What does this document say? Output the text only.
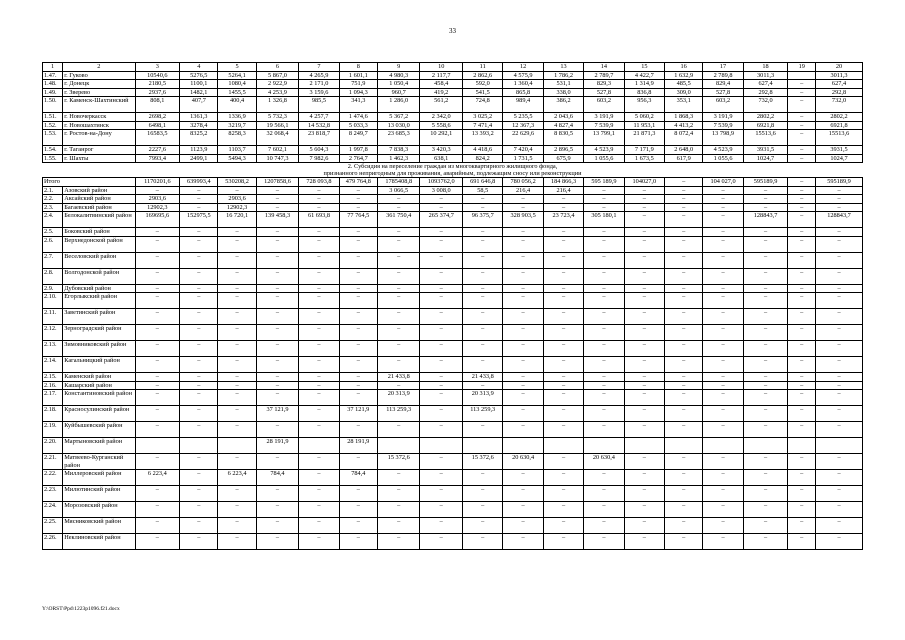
33
1	2	3	4	5	6	7	8	9	10	11	12	13	14	15	16	17	18	19	20
1.47.	г. Гуково	10540,6	5276,5	5264,1	5 867,0	4 265,9	1 601,1	4 980,3	2 117,7	2 862,6	4 575,9	1 786,2	2 789,7	4 422,7	1 632,9	2 789,8	3011,3		3011,3
1.48.	г. Донецк	2180,5	1100,1	1080,4	2 922,9	2 171,0	751,9	1 050,4	458,4	592,0	1 360,4	531,1	829,3	1 314,9	485,5	829,4	627,4	–	627,4
1.49.	г. Зверево	2937,6	1482,1	1455,5	4 253,9	3 159,6	1 094,3	960,7	419,2	541,5	865,8	338,0	527,8	836,8	309,0	527,8	292,8	–	292,8
1.50.	г. Каменск-Шахтинский	808,1	407,7	400,4	1 326,8	985,5	341,3	1 286,0	561,2	724,8	989,4	386,2	603,2	956,3	353,1	603,2	732,0	–	732,0
1.51.	г. Новочеркасск	2698,2	1361,3	1336,9	5 732,3	4 257,7	1 474,6	5 367,2	2 342,0	3 025,2	5 235,5	2 043,6	3 191,9	5 060,2	1 868,3	3 191,9	2802,2	–	2802,2
1.52.	г. Новошахтинск	6498,1	3278,4	3219,7	19 566,1	14 532,8	5 033,3	13 030,0	5 558,6	7 471,4	12 367,3	4 827,4	7 539,9	11 953,1	4 413,2	7 539,9	6921,8	–	6921,8
1.53.	г. Ростов-на-Дону	16583,5	8325,2	8258,3	32 068,4	23 818,7	8 249,7	23 685,3	10 292,1	13 393,2	22 629,6	8 830,5	13 799,1	21 871,3	8 072,4	13 798,9	15513,6	–	15513,6
1.54.	г. Таганрог	2227,6	1123,9	1103,7	7 602,1	5 604,3	1 997,8	7 838,3	3 420,3	4 418,6	7 420,4	2 896,5	4 523,9	7 171,9	2 648,0	4 523,9	3931,5	–	3931,5
1.55.	г. Шахты	7993,4	2499,1	5494,3	10 747,3	7 982,6	2 764,7	1 462,3	638,1	824,2	1 731,5	675,9	1 055,6	1 673,5	617,9	1 055,6	1024,7	–	1024,7

2. Субсидия на переселение граждан из многоквартирного жилищного фонда,
признанного непригодным для проживания, аварийным, подлежащим сносу или реконструкции																			

Итого		1170201,6	639993,4	530208,2	1207858,6	728 093,8	479 764,8	1785408,8	1093762,0	691 646,8	780 056,2	184 866,3	595 189,9	104027,0	–	104 027,0	595189,9	–	595189,9
2.1.	Азовский район	–	–	–	–	–	–	3 066,5	3 008,0	58,5	216,4	216,4	–	–	–	–	–	–	–
2.2.	Аксайский район	2903,6	–	2903,6	–	–	–	–	–	–	–	–	–	–	–	–	–	–	–
2.3.	Багаевский район	12902,3	–	12902,3	–	–	–	–	–	–	–	–	–	–	–	–	–	–	–
2.4.	Белокалитвинский район	169695,6	152975,5	16 720,1	139 458,3	61 693,8	77 764,5	361 750,4	265 374,7	96 375,7	328 903,5	23 723,4	305 180,1	–	–	–	128843,7	–	128843,7
2.5.	Боковский район	–	–	–	–	–	–	–	–	–	–	–	–	–	–	–	–	–	–
2.6.	Верхнедонской район	–	–	–	–	–	–	–	–	–	–	–	–	–	–	–	–	–	–
2.7.	Веселовский район	–	–	–	–	–	–	–	–	–	–	–	–	–	–	–	–	–	–
2.8.	Волгодонской район	–	–	–	–	–	–	–	–	–	–	–	–	–	–	–	–	–	–
2.9.	Дубовский район	–	–	–	–	–	–	–	–	–	–	–	–	–	–	–	–	–	–
2.10.	Егорлыкский район	–	–	–	–	–	–	–	–	–	–	–	–	–	–	–	–	–	–
2.11.	Заветинский район	–	–	–	–	–	–	–	–	–	–	–	–	–	–	–	–	–	–
2.12.	Зерноградский район	–	–	–	–	–	–	–	–	–	–	–	–	–	–	–	–	–	–
2.13.	Зимовниковский район	–	–	–	–	–	–	–	–	–	–	–	–	–	–	–	–	–	–
2.14.	Кагальницкий район	–	–	–	–	–	–	–	–	–	–	–	–	–	–	–	–	–	–
2.15.	Каменский район	–	–	–	–	–	–	21 433,8	–	21 433,8	–	–	–	–	–	–	–	–	–
2.16.	Кашарский район	–	–	–	–	–	–	–	–	–	–	–	–	–	–	–	–	–	–
2.17.	Константиновский район	–	–	–	–	–	–	20 313,9	–	20 313,9	–	–	–	–	–	–	–	–	–
2.18.	Красносулинский район	–	–	–	37 121,9	–	37 121,9	113 259,3	–	113 259,3	–	–	–	–	–	–	–	–	–
2.19.	Куйбышевский район	–	–	–	–	–	–	–	–	–	–	–	–	–	–	–	–	–	–
2.20.	Мартыновский район				28 191,9		28 191,9												
2.21.	Матвеево-Курганский район	–	–	–	–	–	–	15 372,6	–	15 372,6	20 630,4	–	20 630,4	–	–	–	–	–	–
2.22.	Миллеровский район	6 223,4	–	6 223,4	784,4	–	784,4	–	–	–	–	–	–	–	–	–	–	–	–
2.23.	Милютинский район	–	–	–	–	–	–	–	–	–	–	–	–	–	–	–	–	–	–
2.24.	Морозовский район	–	–	–	–	–	–	–	–	–	–	–	–	–	–	–	–	–	–
2.25.	Мясниковский район	–	–	–	–	–	–	–	–	–	–	–	–	–	–	–	–	–	–
2.26.	Неклиновский район	–	–	–	–	–	–	–	–	–	–	–	–	–	–	–	–	–	–
Y:\ORST\Ppd\1223p1096.f21.docx
